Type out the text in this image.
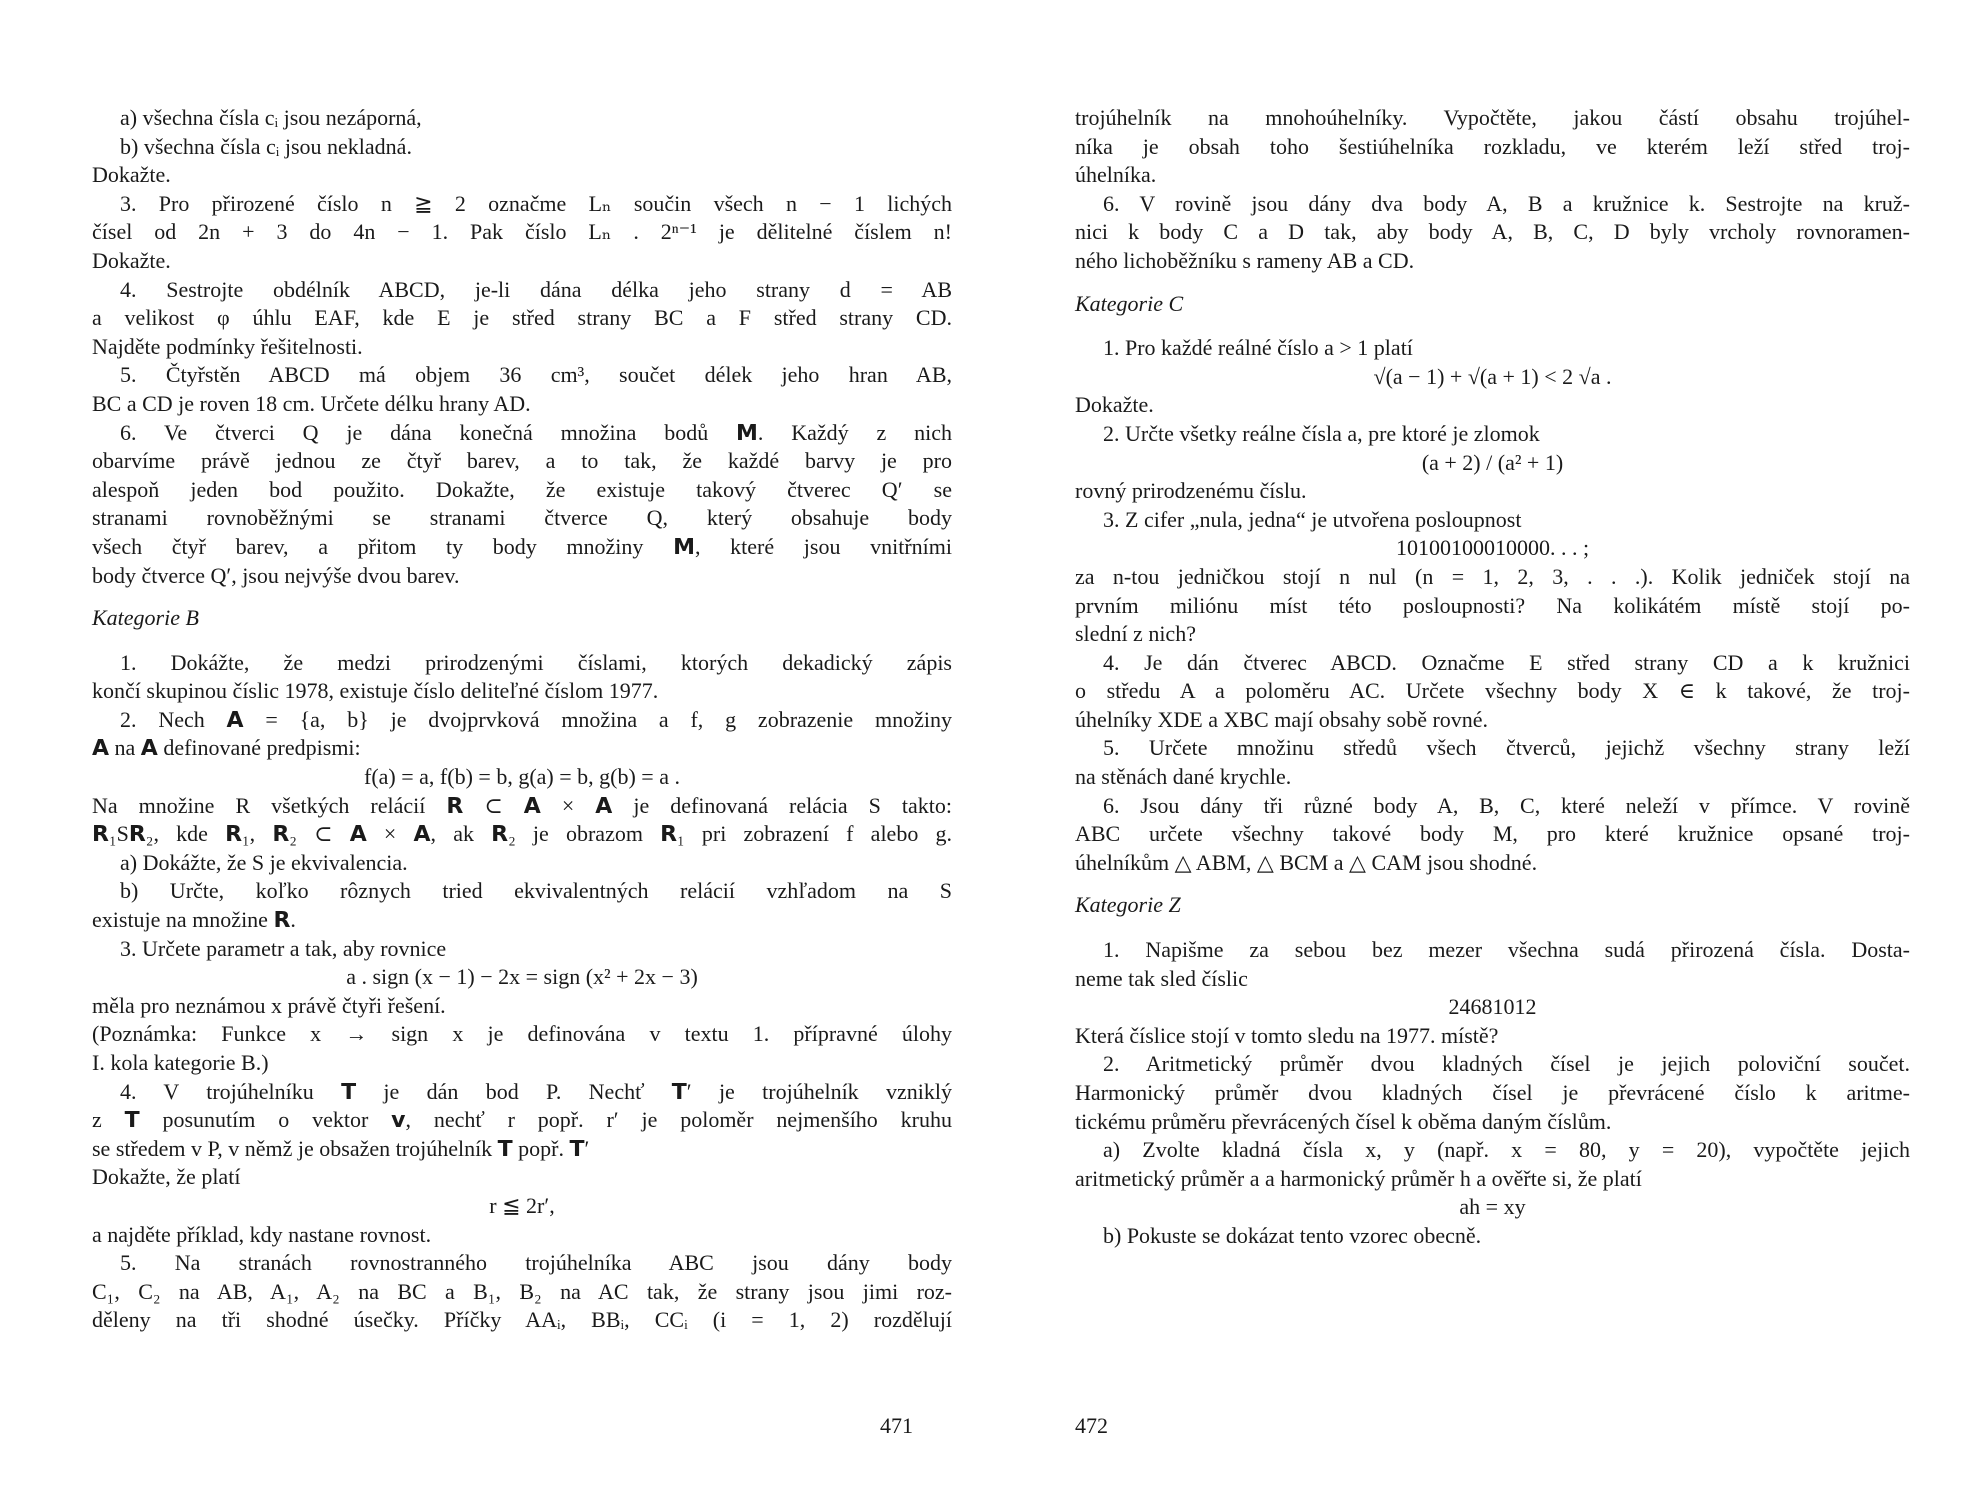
a) všechna čísla cᵢ jsou nezáporná,
b) všechna čísla cᵢ jsou nekladná.
Dokažte.
3. Pro přirozené číslo n ≧ 2 označme Lₙ součin všech n − 1 lichých
čísel od 2n + 3 do 4n − 1. Pak číslo Lₙ . 2ⁿ⁻¹ je dělitelné číslem n!
Dokažte.
4. Sestrojte obdélník ABCD, je-li dána délka jeho strany d = AB
a velikost φ úhlu EAF, kde E je střed strany BC a F střed strany CD.
Najděte podmínky řešitelnosti.
5. Čtyřstěn ABCD má objem 36 cm³, součet délek jeho hran AB,
BC a CD je roven 18 cm. Určete délku hrany AD.
6. Ve čtverci Q je dána konečná množina bodů 𝗠. Každý z nich
obarvíme právě jednou ze čtyř barev, a to tak, že každé barvy je pro
alespoň jeden bod použito. Dokažte, že existuje takový čtverec Q′ se
stranami rovnoběžnými se stranami čtverce Q, který obsahuje body
všech čtyř barev, a přitom ty body množiny 𝗠, které jsou vnitřními
body čtverce Q′, jsou nejvýše dvou barev.
Kategorie B
1. Dokážte, že medzi prirodzenými číslami, ktorých dekadický zápis
končí skupinou číslic 1978, existuje číslo deliteľné číslom 1977.
2. Nech 𝗔 = {a, b} je dvojprvková množina a f, g zobrazenie množiny
𝗔 na 𝗔 definované predpismi:
f(a) = a, f(b) = b, g(a) = b, g(b) = a .
Na množine R všetkých relácií 𝗥 ⊂ 𝗔 × 𝗔 je definovaná relácia S takto:
𝗥₁S𝗥₂, kde 𝗥₁, 𝗥₂ ⊂ 𝗔 × 𝗔, ak 𝗥₂ je obrazom 𝗥₁ pri zobrazení f alebo g.
a) Dokážte, že S je ekvivalencia.
b) Určte, koľko rôznych tried ekvivalentných relácií vzhľadom na S
existuje na množine 𝗥.
3. Určete parametr a tak, aby rovnice
a . sign (x − 1) − 2x = sign (x² + 2x − 3)
měla pro neznámou x právě čtyři řešení.
(Poznámka: Funkce x → sign x je definována v textu 1. přípravné úlohy
I. kola kategorie B.)
4. V trojúhelníku 𝗧 je dán bod P. Nechť 𝗧′ je trojúhelník vzniklý
z 𝗧 posunutím o vektor 𝘃, nechť r popř. r′ je poloměr nejmenšího kruhu
se středem v P, v němž je obsažen trojúhelník 𝗧 popř. 𝗧′
Dokažte, že platí
r ≦ 2r′,
a najděte příklad, kdy nastane rovnost.
5. Na stranách rovnostranného trojúhelníka ABC jsou dány body
C₁, C₂ na AB, A₁, A₂ na BC a B₁, B₂ na AC tak, že strany jsou jimi roz-
děleny na tři shodné úsečky. Příčky AAᵢ, BBᵢ, CCᵢ (i = 1, 2) rozdělují
471
trojúhelník na mnohoúhelníky. Vypočtěte, jakou částí obsahu trojúhel-
níka je obsah toho šestiúhelníka rozkladu, ve kterém leží střed troj-
úhelníka.
6. V rovině jsou dány dva body A, B a kružnice k. Sestrojte na kruž-
nici k body C a D tak, aby body A, B, C, D byly vrcholy rovnoramen-
ného lichoběžníku s rameny AB a CD.
Kategorie C
1. Pro každé reálné číslo a > 1 platí
√(a − 1) + √(a + 1) < 2 √a .
Dokažte.
2. Určte všetky reálne čísla a, pre ktoré je zlomok
(a + 2) / (a² + 1)
rovný prirodzenému číslu.
3. Z cifer „nula, jedna“ je utvořena posloupnost
10100100010000. . . ;
za n-tou jedničkou stojí n nul (n = 1, 2, 3, . . .). Kolik jedniček stojí na
prvním miliónu míst této posloupnosti? Na kolikátém místě stojí po-
slední z nich?
4. Je dán čtverec ABCD. Označme E střed strany CD a k kružnici
o středu A a poloměru AC. Určete všechny body X ∈ k takové, že troj-
úhelníky XDE a XBC mají obsahy sobě rovné.
5. Určete množinu středů všech čtverců, jejichž všechny strany leží
na stěnách dané krychle.
6. Jsou dány tři různé body A, B, C, které neleží v přímce. V rovině
ABC určete všechny takové body M, pro které kružnice opsané troj-
úhelníkům △ ABM, △ BCM a △ CAM jsou shodné.
Kategorie Z
1. Napišme za sebou bez mezer všechna sudá přirozená čísla. Dosta-
neme tak sled číslic
24681012
Která číslice stojí v tomto sledu na 1977. místě?
2. Aritmetický průměr dvou kladných čísel je jejich poloviční součet.
Harmonický průměr dvou kladných čísel je převrácené číslo k aritme-
tickému průměru převrácených čísel k oběma daným číslům.
a) Zvolte kladná čísla x, y (např. x = 80, y = 20), vypočtěte jejich
aritmetický průměr a a harmonický průměr h a ověřte si, že platí
ah = xy
b) Pokuste se dokázat tento vzorec obecně.
472
